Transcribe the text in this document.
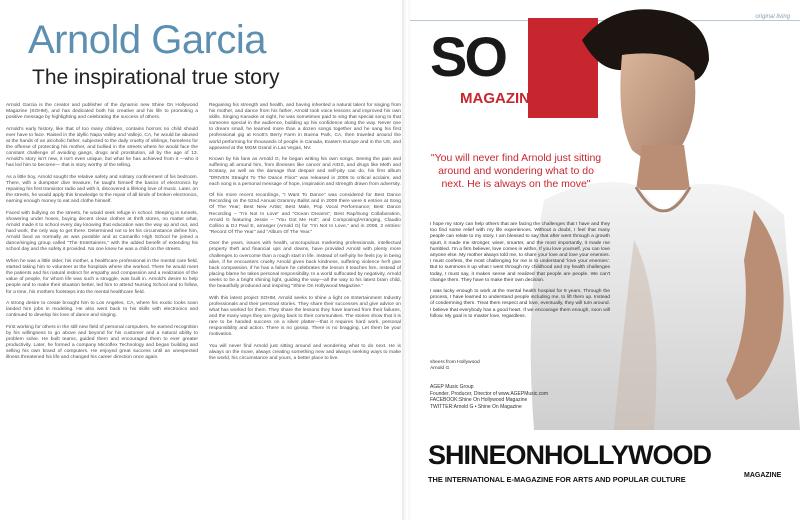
Arnold Garcia
The inspirational true story

Arnold Garcia is the creator and publisher of the dynamic new Shine On Hollywood Magazine (SOHM), and has dedicated both his creative and his life to promoting a positive message by highlighting and celebrating the success of others.

Arnold's early history, like that of too many children, contains horrors no child should ever have to face. Raised in the idyllic Napa Valley and Vallejo, CA, he would be abused at the hands of an alcoholic father, subjected to the daily cruelty of siblings, homeless for the offense of protecting his mother, and bullied in the streets where he would face the constant challenge of avoiding gangs, drugs and prostitution, all by the age of 13. Arnold's story isn't new, it isn't even unique, but what he has achieved from it —who it has led him to become— that is story worthy of the telling.

As a little boy, Arnold sought the relative safety and solitary confinement of his bedroom. There, with a dumpster dive treasure, he taught himself the basics of electronics by repairing his first transistor radio and with it, discovered a lifelong love of music. Later, on the streets, he would apply this knowledge to the repair of all kinds of broken electronics, earning enough money to eat and clothe himself.

Faced with bullying on the streets, he would seek refuge in school. Sleeping in tunnels, showering under hoses, buying decent clean clothes at thrift stores, no matter what, Arnold made it to school every day knowing that education was the way up and out, and hard work, the only way to get there. Determined not to let his circumstance define him, Arnold lived as normally as was possible and at Camarillo High School he joined a dance/singing group called "The Entertainers," with the added benefit of extending his school day and the safety it provided. No one knew he was a child on the streets.

When he was a little older, his mother, a healthcare professional in the mental care field, started taking him to volunteer at the hospitals where she worked. There he would meet the patients and his natural instinct for empathy and compassion and a realization of the value of people, for whom life was such a struggle, was built in. Arnold's desire to help people and to make their situation better, led him to attend Nursing School and to follow, for a time, his mothers footsteps into the mental healthcare field.

A strong desire to create brought him to Los Angeles, CA, where his exotic looks soon landed him jobs in modeling. He also went back to his skills with electronics and continued to develop his love of dance and singing.

First working for others in the still new field of personal computers, he earned recognition by his willingness to go above and beyond for his customer and a natural ability to problem solve. He built teams, guided them and encouraged them to ever greater productivity. Later, he formed a company Microflex Technology and began building and selling his own brand of computers. He enjoyed great success until an unexpected illness threatened his life and changed his career direction once again.

Regaining his strength and health, and having inherited a natural talent for singing from his mother, and dance from his father, Arnold took voice lessons and improved his own skills. Singing Karaoke at night, he was sometimes paid to sing that special song to that someone special in the audience, building up his confidence along the way. Never one to dream small, he learned more than a dozen songs together and he sang his first professional gig at Knott's Berry Farm in Buena Park, CA, then traveled around the world performing for thousands of people in Canada, Eastern Europe and in the US, and appeared at the MGM Grand in Las Vegas, NV.

Known by his fans as Arnold G, he began writing his own songs. Seeing the pain and suffering all around him, from illnesses like cancer and AIDS, and drugs like Meth and Ecstasy, as well as the damage that despair and self-pity can do, his first album "DRIVEN Straight To The Dance Floor" was released in 2006 to critical acclaim, and each song is a personal message of hope, inspiration and strength drawn from adversity.

Of his more recent recordings, "I Want To Dance" was considered for Best Dance Recording on the 52nd Annual Grammy Ballot and in 2009 there were 6 entries at Song Of The Year; Best New Artist; Best Male, Pop Vocal Performance; Best Dance Recording – "I'm Not In Love" and "Ocean Dreams"; Best Rap/Sung Collaboration, Arnold G featuring Jessie – "You Got Me Hot"; and Composing/Arranging, Claudio Collino & DJ Paul E, arranger (Arnold G) for "I'm Not In Love," and in 2008, 2 entries: "Record Of The Year" and "Album Of The Year."

Over the years, issues with health, unscrupulous marketing professionals, intellectual property theft and financial ups and downs, have provided Arnold with plenty more challenges to overcome than a rough start in life. Instead of self-pity he feels joy in being alive, if he encounters cruelty Arnold gives back kindness, suffering violence he'll give back compassion, if he has a failure he celebrates the lesson it teaches him, instead of placing blame he takes personal responsibility. In a world suffocated by negativity, Arnold seeks to be a bright shining light, guiding the way—all the way to his latest brain child, the beautifully produced and inspiring "Shine On Hollywood Magazine."

With this latest project SOHM, Arnold seeks to shine a light on Entertainment Industry professionals and their personal stories. They share their successes and give advice on what has worked for them. They share the lessons they have learned from their failures, and the many ways they are giving back to their communities. The stories show that it is rare to be handed success on a silver platter—that it requires hard work, personal responsibility and action. There is no gossip. There is no bragging. Let them be your motivation.

You will never find Arnold just sitting around and wondering what to do next. He is always on the move, always creating something new and always seeking ways to make the world, his circumstance and yours, a better place to live.

original living
SO
MAGAZINE
"You will never find Arnold just sitting around and wondering what to do next. He is always on the move"

I hope my story can help others that are facing the challenges that I have and they too find some relief with my life experiences. Without a doubt, I feel that many people can relate to my story. I am blessed to say that after went through a growth spurt, it made me stronger, wiser, smarter, and the most importantly, it made me humbled. I'm a firm believer, love comes in within. If you love yourself, you can love anyone else. My mother always told me, to share your love and love your enemies. I must confess, the most challenging for me is to understand 'love your enemies'. But to summons it up what I went through my childhood and my health challenges today, I must say, it makes sense and realized that people are people. We can't change them. They have to make their own decision.

I was lucky enough to work at the mental health hospital for 9 years. Through the process, I have learned to understand people including me, to lift them up. Instead of condemning them. Treat them respect and love, eventually, they will turn around. I believe that everybody has a good heart. If we encourage them enough, soon will follow. My goal is to master love, regardless.

sheers from Hollywood
Arnold G
AGEP Music Group
Founder, Producer, Director of www.AGEPMusic.com
FACEBOOK:Shine On Hollywood Magazine
TWITTER:Arnold G • Shine On Magazine
SHINEONHOLLYWOOD
THE INTERNATIONAL E-MAGAZINE FOR ARTS AND POPULAR CULTURE	MAGAZINE
